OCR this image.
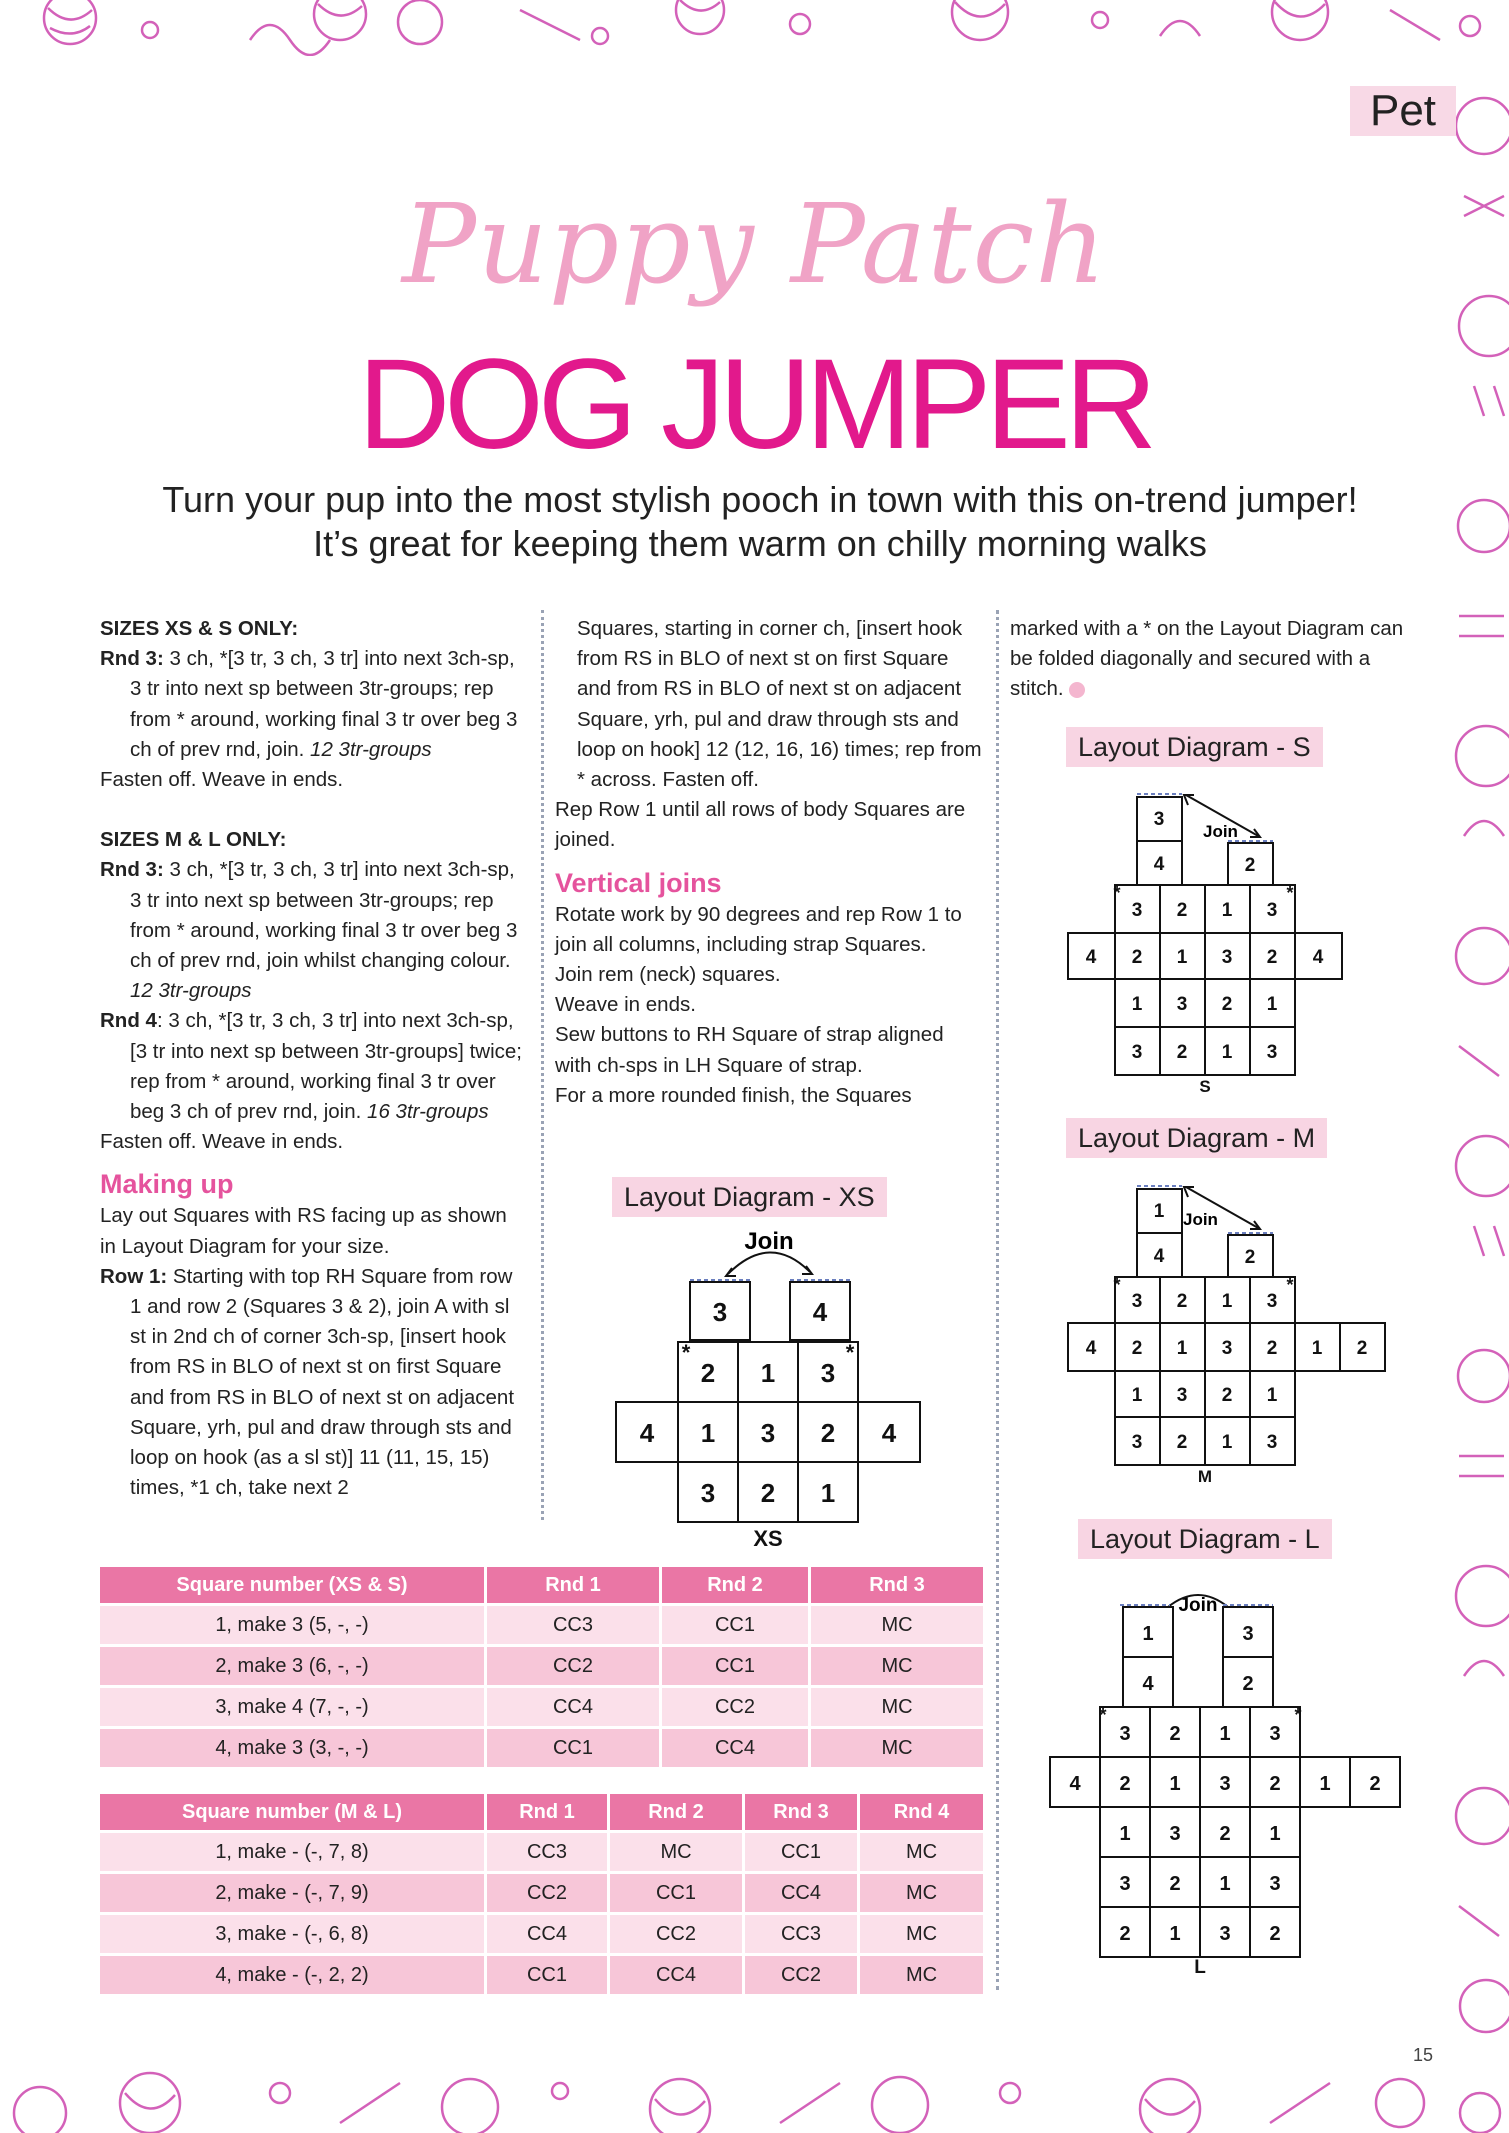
Pet
Puppy Patch
DOG JUMPER
Turn your pup into the most stylish pooch in town with this on-trend jumper!
It’s great for keeping them warm on chilly morning walks

SIZES XS & S ONLY:

Rnd 3: 3 ch, *[3 tr, 3 ch, 3 tr] into next 3ch-sp, 3 tr into next sp between 3tr-groups; rep from * around, working final 3 tr over beg 3 ch of prev rnd, join. 12 3tr-groups

Fasten off. Weave in ends.

SIZES M & L ONLY:

Rnd 3: 3 ch, *[3 tr, 3 ch, 3 tr] into next 3ch-sp, 3 tr into next sp between 3tr-groups; rep from * around, working final 3 tr over beg 3 ch of prev rnd, join whilst changing colour. 12 3tr-groups

Rnd 4: 3 ch, *[3 tr, 3 ch, 3 tr] into next 3ch-sp, [3 tr into next sp between 3tr-groups] twice; rep from * around, working final 3 tr over beg 3 ch of prev rnd, join. 16 3tr-groups

Fasten off. Weave in ends.

Making up

Lay out Squares with RS facing up as shown in Layout Diagram for your size.

Row 1: Starting with top RH Square from row 1 and row 2 (Squares 3 & 2), join A with sl st in 2nd ch of corner 3ch-sp, [insert hook from RS in BLO of next st on first Square and from RS in BLO of next st on adjacent Square, yrh, pul and draw through sts and loop on hook (as a sl st)] 11 (11, 15, 15) times, *1 ch, take next 2

Squares, starting in corner ch, [insert hook from RS in BLO of next st on first Square and from RS in BLO of next st on adjacent Square, yrh, pul and draw through sts and loop on hook] 12 (12, 16, 16) times; rep from * across. Fasten off.

Rep Row 1 until all rows of body Squares are joined.

Vertical joins

Rotate work by 90 degrees and rep Row 1 to join all columns, including strap Squares.

Join rem (neck) squares.

Weave in ends.

Sew buttons to RH Square of strap aligned with ch-sps in LH Square of strap.

For a more rounded finish, the Squares

marked with a * on the Layout Diagram can be folded diagonally and secured with a stitch.

Layout Diagram - XS
Join
3	4
2 1 3
4 1 3 2 4
3 2 1
*	*
XS
Layout Diagram - S
Join
3
4	2
3 2 1 3
4 2 1 3 2 4
1 3 2 1
3 2 1 3
*	*
S
Layout Diagram - M
Join
1
4	2
3 2 1 3
4 2 1 3 2 1 2
1 3 2 1
3 2 1 3
*	*
M
Layout Diagram - L
Join
1	3
4	2
3 2 1 3
4 2 1 3 2 1 2
1 3 2 1
3 2 1 3
2 1 3 2
*	*
L
Square number (XS & S)	Rnd 1	Rnd 2	Rnd 3
1, make 3 (5, -, -)	CC3	CC1	MC
2, make 3 (6, -, -)	CC2	CC1	MC
3, make 4 (7, -, -)	CC4	CC2	MC
4, make 3 (3, -, -)	CC1	CC4	MC
Square number (M & L)	Rnd 1	Rnd 2	Rnd 3	Rnd 4
1, make - (-, 7, 8)	CC3	MC	CC1	MC
2, make - (-, 7, 9)	CC2	CC1	CC4	MC
3, make - (-, 6, 8)	CC4	CC2	CC3	MC
4, make - (-, 2, 2)	CC1	CC4	CC2	MC
15
